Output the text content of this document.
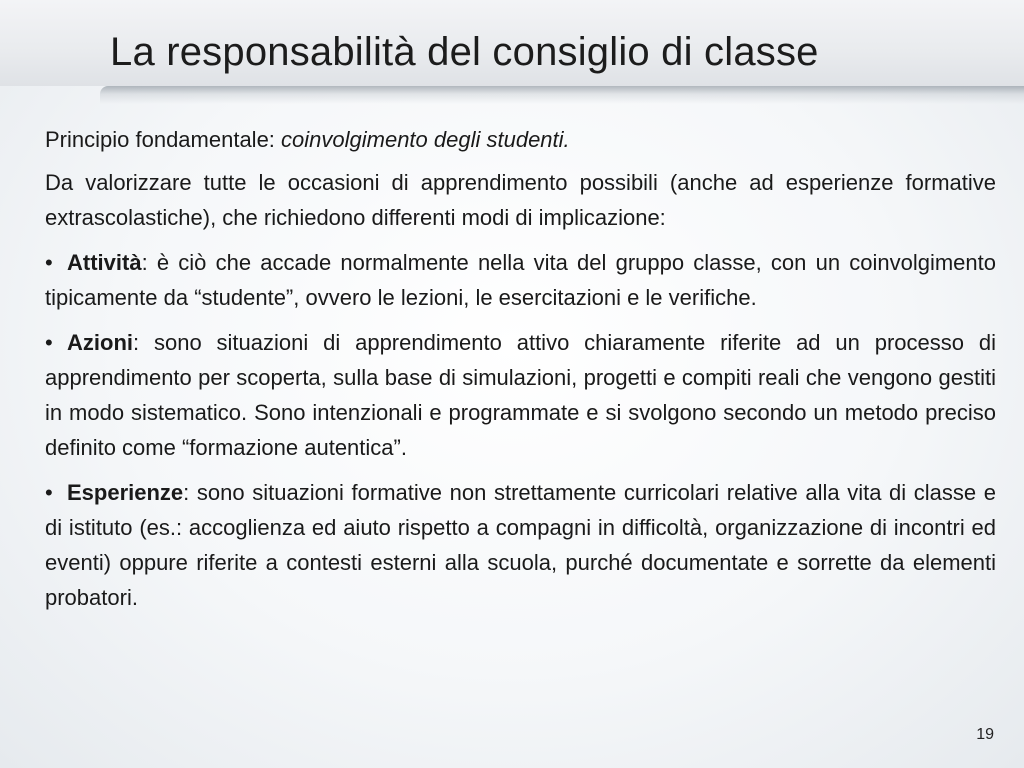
La responsabilità del consiglio di classe

Principio fondamentale: coinvolgimento degli studenti.

Da valorizzare tutte le occasioni di apprendimento possibili (anche ad esperienze formative extrascolastiche), che richiedono differenti modi di implicazione:

• Attività: è ciò che accade normalmente nella vita del gruppo classe, con un coinvolgimento tipicamente da “studente”, ovvero le lezioni, le esercitazioni e le verifiche.

• Azioni: sono situazioni di apprendimento attivo chiaramente riferite ad un processo di apprendimento per scoperta, sulla base di simulazioni, progetti e compiti reali che vengono gestiti in modo sistematico. Sono intenzionali e programmate e si svolgono secondo un metodo preciso definito come “formazione autentica”.

• Esperienze: sono situazioni formative non strettamente curricolari relative alla vita di classe e di istituto (es.: accoglienza ed aiuto rispetto a compagni in difficoltà, organizzazione di incontri ed eventi) oppure riferite a contesti esterni alla scuola, purché documentate e sorrette da elementi probatori.

19
